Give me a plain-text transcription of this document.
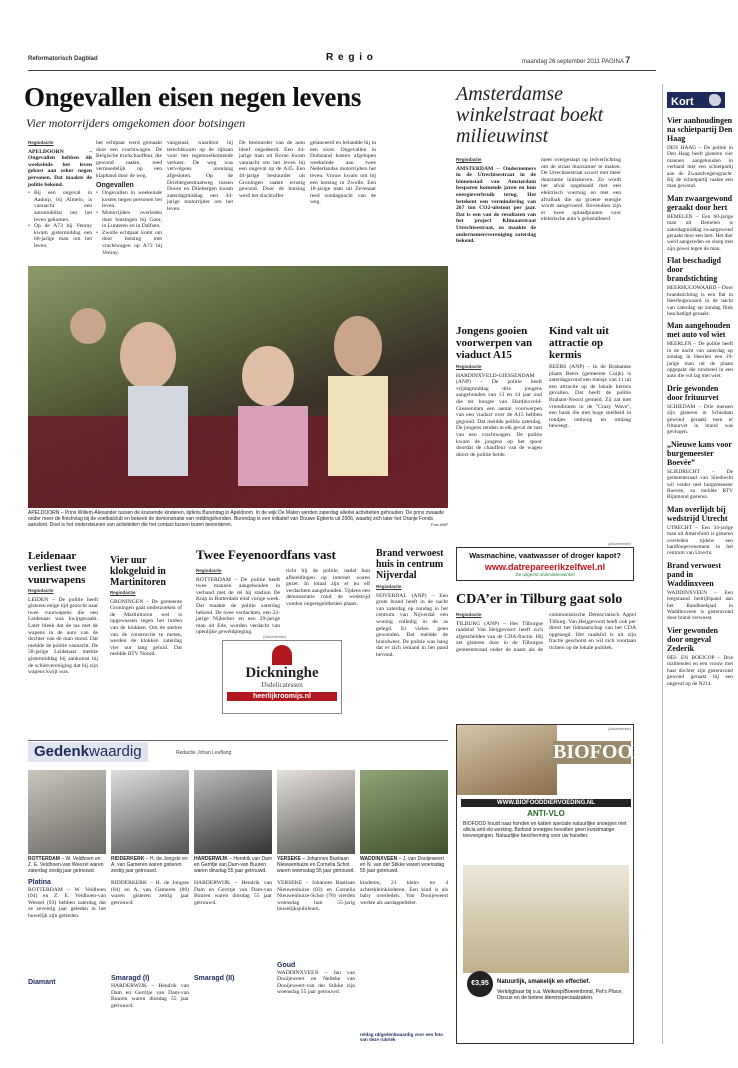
Reformatorisch Dagblad	R e g i o	maandag 26 september 2011 PAGINA 7
Ongevallen eisen negen levens
Vier motorrijders omgekomen door botsingen
Regiodactie

APELDOORN – Ongevallen hebben dit weekeinde het leven gekost aan zeker negen personen. Dat maakte de politie bekend.

• Bij een ongeval in Aadorp, bij Almelo, is vannacht een automobilist om het leven gekomen.
• Op de A73 bij Venray kwam gistermiddag een 66-jarige man om het leven.

het echtpaar werd gemaakt door een vrachtwagen. De Belgische truckchauffeur, die gewond raakte, reed vermoedelijk op een klaphand door de weg.

Ongevallen
• Ongevallen in weekeinde kosten negen personen het leven.
• Motorrijders overleden door botsingen bij Goor, in Lunteren en in Dalfsen.
• Zwolle echtpaar komt om door botsing met vrachtwagen op A73 bij Venray.
vangstaal, waardoor hij terechtkwam op de rijbaan voor het tegemoetkomende verkeer. De weg was vervolgens urenlang afgesloten. Op de Driebergsestraatweg tussen Doorn en Driebergen kwam zaterdagmiddag een 44-jarige motorrijder om het leven.
De bestuurder van de auto bleef ongedeerd. Een 44-jarige man uit Borne kwam vannacht om het leven bij een ongeval op de A35. Een 44-jarige bestuurder uit Groningen raakte ernstig gewond. Door de botsing werd het slachtoffer
gelanceerd en belandde hij in een sloot. Ongevallen in Duitsland kosten afgelopen weekeinde aan twee Nederlandse motorrijders het leven. Vrouw kwam om bij een botsing in Zwolle. Een 18-jarige man uit Zevenaar reed zondagnacht van de weg.
Amsterdamse winkelstraat boekt milieuwinst
Regiodactie

AMSTERDAM – Ondernemers in de Utrechtsestraat in de binnenstad van Amsterdam besparen komende jaren en hun energieverbruik terug. Het betekent een vermindering van 267 ton CO2-uitstoot per jaar. Dat is een van de resultaten van het project Klimaatstraat Utrechtsestraat, zo maakte de ondernemersvereniging zaterdag bekend.

meer overgestapt op ledverlichting om de straat duurzamer te maken. De Utrechtsestraat scoort met meer duurzame initiatieven. Zo wordt het afval opgehaald met een elektrisch voertuig en met een afvalbak die op groene energie wordt aangevoerd. Bovendien zijn er twee oplaadpunten voor elektrische auto’s geïnstalleerd.
APELDOORN – Prins Willem-Alexander tussen de kruisende kinderen, tijdens Burendag in Apeldoorn. In de wijk De Maten werden zaterdag allerlei activiteiten gehouden. De prins zwaaide onder meer de finishvlag bij de voetbalclub en bekeek de demonstratie van reddingshonden. Burendag is een initiatief van Douwe Egberts uit 2006, waarbij zich later het Oranje Fonds aansloot. Doel is het ondersteunen van activiteiten die het contact tussen buren bevorderen.	Foto ANP
Jongens gooien voorwerpen van viaduct A15
Regiodactie

HARDINXVELD-GIESSENDAM (ANP) – De politie heeft vrijdagmiddag drie jongens aangehouden van 13 en 14 jaar oud die ter hoogte van Hardinxveld-Giessendam een aantal voorwerpen van een viaduct over de A15 hebben gegooid. Dat meldde politie zaterdag. De jongens renden in elk geval de rust van een vrachtwagen. De politie kwam de jongens op het spoor doordat de chauffeur van de wagen direct de politie belde.

Kind valt uit attractie op kermis
BEERS (ANP) – In de Brabantse plaats Beers (gemeente Cuijk) is zaterdagavond een meisje van 11 uit een attractie op de lokale kermis gevallen. Dat heeft de politie Brabant-Noord gemeld. Zij zat met vriendinnen in de "Crazy Wave", een bank die met hoge snelheid in rondjes omhoog en omlaag beweegt.
(Advertentie)
Wasmachine, vaatwasser of droger kapot?
www.datrepareerikzelfwel.nl
De uitgeest onderdelenwinkel
CDA’er in Tilburg gaat solo
Regiodactie

TILBURG (ANP) – Het Tilburgse raadslid Van Heijgevoort heeft zich afgescheiden van de CDA-fractie. Hij zet gisteren door in de Tilburgse gemeenteraad onder de naam als de communistische Democratisch Appel Tilburg. Van Heijgevoort heeft ook per direct het lidmaatschap van het CDA opgezegd. Het raadslid is uit zijn fractie geschorst en wil zich voortaan richten op de lokale politiek.

Leidenaar verliest twee vuurwapens
Regiodactie

LEIDEN – De politie heeft gisteren enige tijd gezocht naar twee vuurwapens die een Leidenaar was kwijtgeraakt. Later bleek dat de tas met de wapens in de auto van de dochter van de man stond. Dat meldde de politie vannacht. De 58-jarige Leidenaar merkte gistermiddag bij aankomst bij de schietvereniging dat hij zijn wapens kwijt was.

Vier uur klokgeluid in Martinitoren
Regiodactie

GRONINGEN – De gemeente Groningen gaat onderzoeken of de Martinitoren wel is opgewassen tegen het luiden van de klokken. Om de sterkte van de constructie te meten, werden de klokken zaterdag vier uur lang geluid. Dat meldde RTV Noord.

Twee Feyenoordfans vast
Regiodactie

ROTTERDAM – De politie heeft twee mannen aangehouden in verband met de rel bij stadion De Kuip in Rotterdam eind vorige week. Dat maakte de politie zaterdag bekend. De twee verdachten, een 22-jarige Nijkerker en een 29-jarige man uit Ede, worden verdacht van openlijke geweldpleging.

richt bij de politie, nadat hun afbeeldingen op internet waren gezet. In totaal zijn er nu elf verdachten aangehouden. Tijdens een demonstratie rond de wedstrijd vonden ongeregeldheden plaats.
(Advertentie)
Dickninghe
IJsdelicatessen
heerlijkroomijs.nl
Brand verwoest huis in centrum Nijverdal
Regiodactie

NIJVERDAL (ANP) – Een grote brand heeft in de nacht van zaterdag op zondag in het centrum van Nijverdal een woning volledig in de as gelegd. Er vielen geen gewonden. Dat meldde de brandweer. De politie was bang dat er zich iemand in het pand bevond.

Gedenkwaardig	Redactie Johan Leeflang
ROTTERDAM – W. Veldhoen en Z. E. Veldhoen-van Weezel waren zaterdag zestig jaar getrouwd.
RIDDERKERK – H. de Jongste en A. van Gameren waren gisteren zestig jaar getrouwd.
HARDERWIJK – Hendrik van Dam en Gerritje van Dam-van Buuren waren dinsdag 55 jaar getrouwd.
YERSEKE – Johannes Bastiaan Nieuwenhuize en Cornelia Schot waren woensdag 55 jaar getrouwd.
WADDINXVEEN – J. van Dooijeweert en N. van der Stikke waren woensdag 55 jaar getrouwd.
Platina

ROTTERDAM – W. Veldhoen (94) en Z. E. Veldhoen-van Weezel (93) hebben zaterdag dat ze zeventig jaar geleden in het huwelijk zijn getreden.

Diamant

RIDDERKERK – H. de Jongste (84) en A. van Gameren (80) waren gisteren zestig jaar getrouwd.

Smaragd (I)

HARDERWIJK – Hendrik van Dam en Gerritje van Dam-van Buuren waren dinsdag 55 jaar getrouwd.

HARDERWIJK – Hendrik van Dam en Gerritje van Dam-van Buuren waren dinsdag 55 jaar getrouwd.

Smaragd (II)

YERSEKE – Johannes Bastiaan Nieuwenhuize (83) en Cornelia Nieuwenhuize-Schot (78) vierden woensdag hun 55-jarig huwelijksjubileum.

Goud

WADDINXVEEN – Jan van Dooijeweert en Nelleke van Dooijeweert-van der Stikke zijn woensdag 55 jaar getrouwd.

kinderen, 21 klein- en 4 achterkleinkinderen. Een kind is als baby overleden. Van Dooijeweert werkte als aardappelteler.

reldag rd/gedenkwaardig voor een foto van deze rubriek
(Advertentie)
BIOFOOD
WWW.BIOFOODDIERVOEDING.NL
ANTI-VLO
BIOFOOD houdt naar honden en katten speciale natuurlijke snoepjes met allicia anti-vlo werking. Biofood snoepjes bevatten geen kunstmatige toevoegingen. Natuurlijke bescherming voor uw huisdier.
€3,95	Natuurlijk, smakelijk en effectief.
Verkrijgbaar bij o.a. Welkoop/Boerenbond, Pet’s Place, Discus en de betere dierenspeciaalzaken.
Kort
Vier aanhoudingen na schietpartij Den Haag

DEN HAAG – De politie in Den Haag heeft gisteren vier mannen aangehouden in verband met een schietpartij aan de Zwaardvegersgracht. Bij de schietpartij raakte een man gewond.

Man zwaargewond geraakt door hert

BEMELEN – Een 60-jarige man uit Bemelen is zaterdagmiddag zwaargewond geraakt door een hert. Het dier werd aangereden en sloeg met zijn gewei tegen de man.

Flat beschadigd door brandstichting

HEERHUGOWAARD – Door brandstichting is een flat in Heerhugowaard in de nacht van zaterdag op zondag flink beschadigd geraakt.

Man aangehouden met auto vol wiet

HEERLEN – De politie heeft in de nacht van zaterdag op zondag in Heerlen een 19-jarige man uit de plaats opgepakt die rondreed in een auto die vol lag met wiet.

Drie gewonden door frituurvet

SCHIEDAM – Drie mensen zijn gisteren in Schiedam gewond geraakt toen er frituurvet in brand was gevlogen.

„Nieuwe kans voor burgemeester Boevée”

SLIEDRECHT – De gemeenteraad van Sliedrecht wil verder met burgemeester Boevée, zo meldde RTV Rijnmond gisteren.

Man overlijdt bij wedstrijd Utrecht

UTRECHT – Een 34-jarige man uit Amersfoort is gisteren overleden tijdens een hardloopevenement in het centrum van Utrecht.

Brand verwoest pand in Waddinxveen

WADDINXVEEN – Een leegstaand bedrijfspand aan het Randhoekpad in Waddinxveen is gisteravond door brand verwoest.

Vier gewonden door ongeval Zederik

HEI- EN BOEICOP – Drie inzittenden en een vrouw met haar dochter zijn gisteravond gewond geraakt bij een ongeval op de N214.
